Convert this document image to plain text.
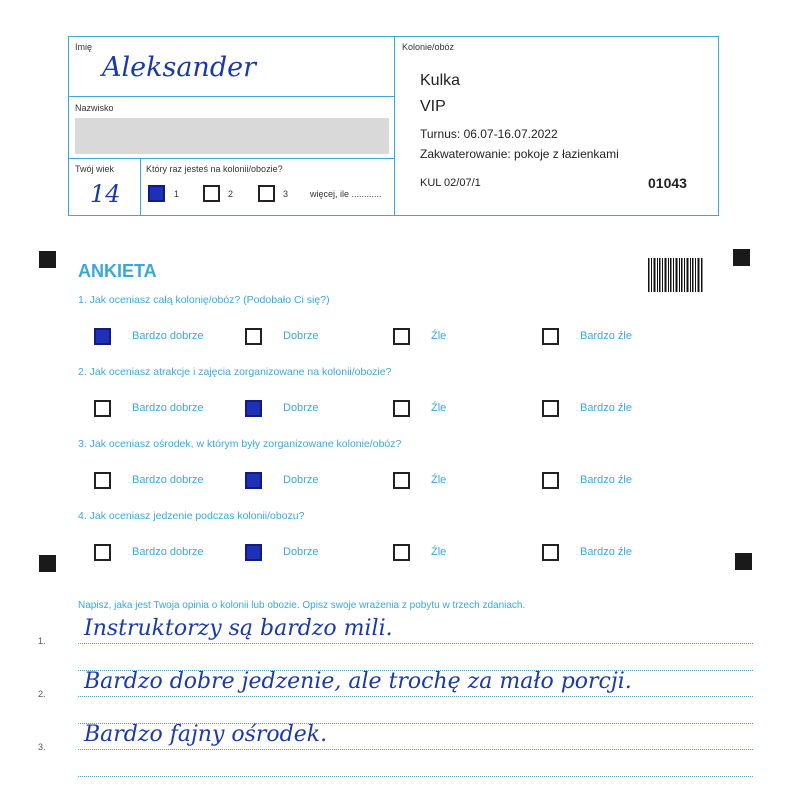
Imię
Aleksander
Nazwisko
Twój wiek
14
Który raz jesteś na kolonii/obozie?
1	2	3 więcej, ile ............
Kolonie/obóz
Kulka
VIP
Turnus: 06.07-16.07.2022
Zakwaterowanie: pokoje z łazienkami
KUL 02/07/1	01043
ANKIETA
1. Jak oceniasz całą kolonię/obóz? (Podobało Ci się?)
Bardzo dobrze	Dobrze	Źle	Bardzo źle
2. Jak oceniasz atrakcje i zajęcia zorganizowane na kolonii/obozie?
Bardzo dobrze	Dobrze	Źle	Bardzo źle
3. Jak oceniasz ośrodek, w którym były zorganizowane kolonie/obóz?
Bardzo dobrze	Dobrze	Źle	Bardzo źle
4. Jak oceniasz jedzenie podczas kolonii/obozu?
Bardzo dobrze	Dobrze	Źle	Bardzo źle
Napisz, jaka jest Twoja opinia o kolonii lub obozie. Opisz swoje wrażenia z pobytu w trzech zdaniach.
1. Instruktorzy są bardzo mili.
2. Bardzo dobre jedzenie, ale trochę za mało porcji.
3. Bardzo fajny ośrodek.
